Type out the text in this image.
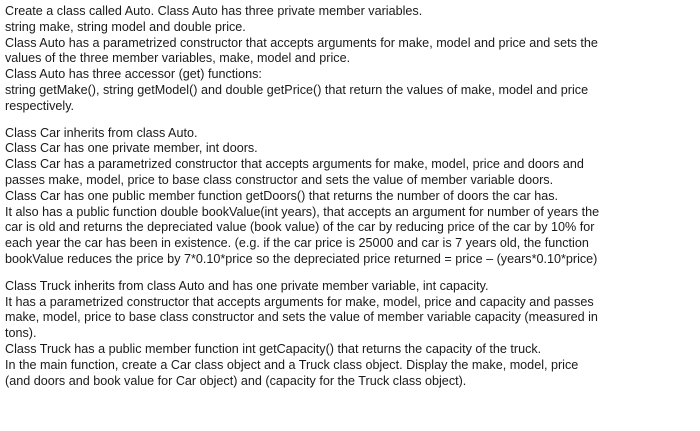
Create a class called Auto. Class Auto has three private member variables.
string make, string model and double price.
Class Auto has a parametrized constructor that accepts arguments for make, model and price and sets the
values of the three member variables, make, model and price.
Class Auto has three accessor (get) functions:
string getMake(), string getModel() and double getPrice() that return the values of make, model and price
respectively.

Class Car inherits from class Auto.
Class Car has one private member, int doors.
Class Car has a parametrized constructor that accepts arguments for make, model, price and doors and
passes make, model, price to base class constructor and sets the value of member variable doors.
Class Car has one public member function getDoors() that returns the number of doors the car has.
It also has a public function double bookValue(int years), that accepts an argument for number of years the
car is old and returns the depreciated value (book value) of the car by reducing price of the car by 10% for
each year the car has been in existence. (e.g. if the car price is 25000 and car is 7 years old, the function
bookValue reduces the price by 7*0.10*price so the depreciated price returned = price – (years*0.10*price)

Class Truck inherits from class Auto and has one private member variable, int capacity.
It has a parametrized constructor that accepts arguments for make, model, price and capacity and passes
make, model, price to base class constructor and sets the value of member variable capacity (measured in
tons).
Class Truck has a public member function int getCapacity() that returns the capacity of the truck.
In the main function, create a Car class object and a Truck class object. Display the make, model, price
(and doors and book value for Car object) and (capacity for the Truck class object).
